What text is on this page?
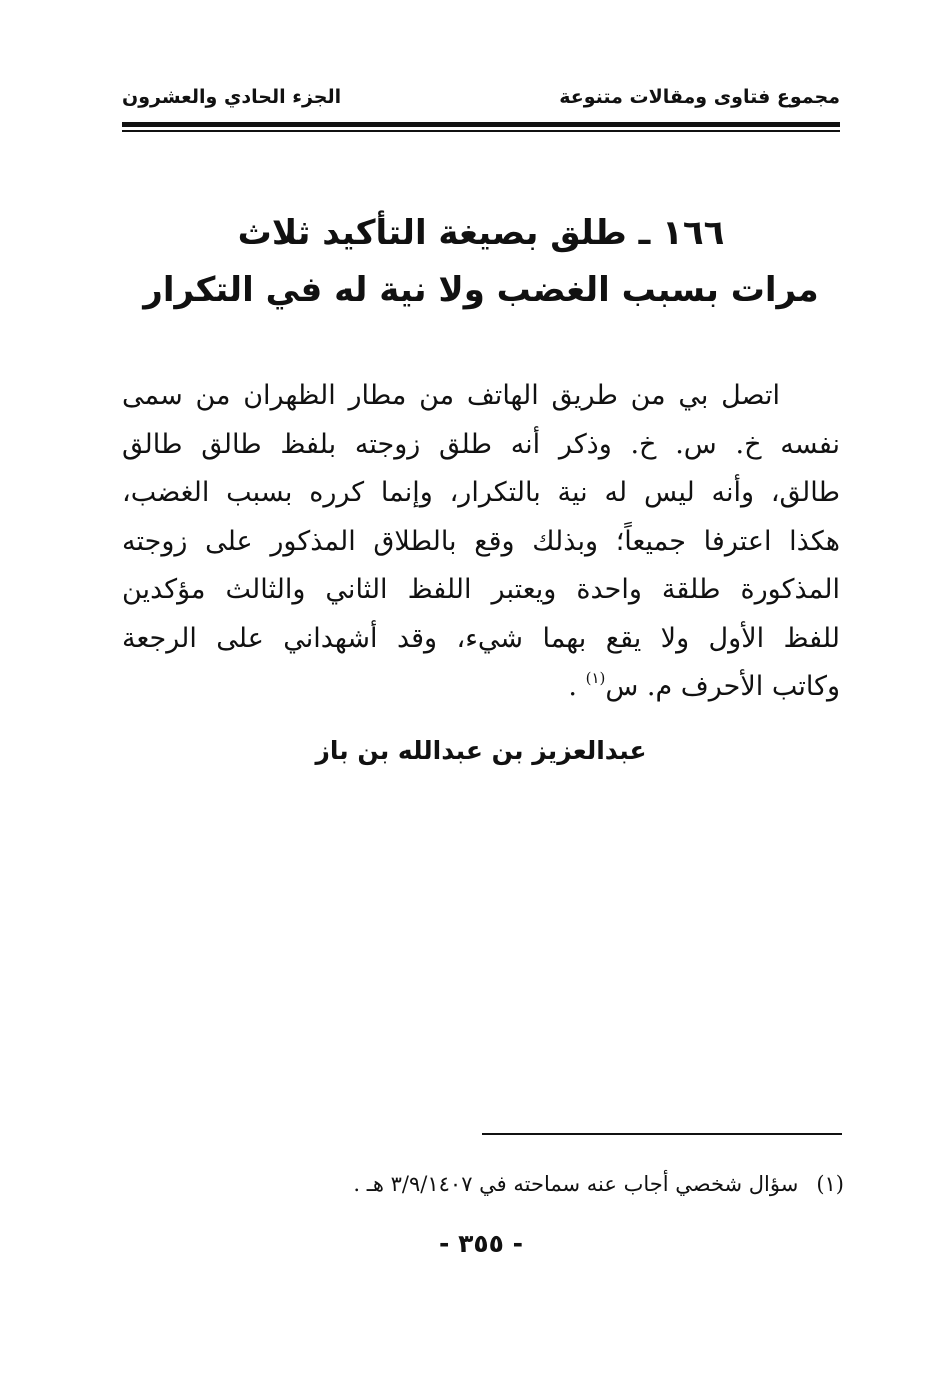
مجموع فتاوى ومقالات متنوعة
الجزء الحادي والعشرون
١٦٦ ـ طلق بصيغة التأكيد ثلاث
مرات بسبب الغضب ولا نية له في التكرار
اتصل بي من طريق الهاتف من مطار الظهران من سمى
نفسه خ. س. خ. وذكر أنه طلق زوجته بلفظ طالق طالق
طالق، وأنه ليس له نية بالتكرار، وإنما كرره بسبب الغضب،
هكذا اعترفا جميعاً؛ وبذلك وقع بالطلاق المذكور على زوجته
المذكورة طلقة واحدة ويعتبر اللفظ الثاني والثالث مؤكدين
للفظ الأول ولا يقع بهما شيء، وقد أشهداني على الرجعة
وكاتب الأحرف م. س$^{(١)}$ .
عبدالعزيز بن عبدالله بن باز
(١)سؤال شخصي أجاب عنه سماحته في ٣/٩/١٤٠٧ هـ .
- ٣٥٥ -
